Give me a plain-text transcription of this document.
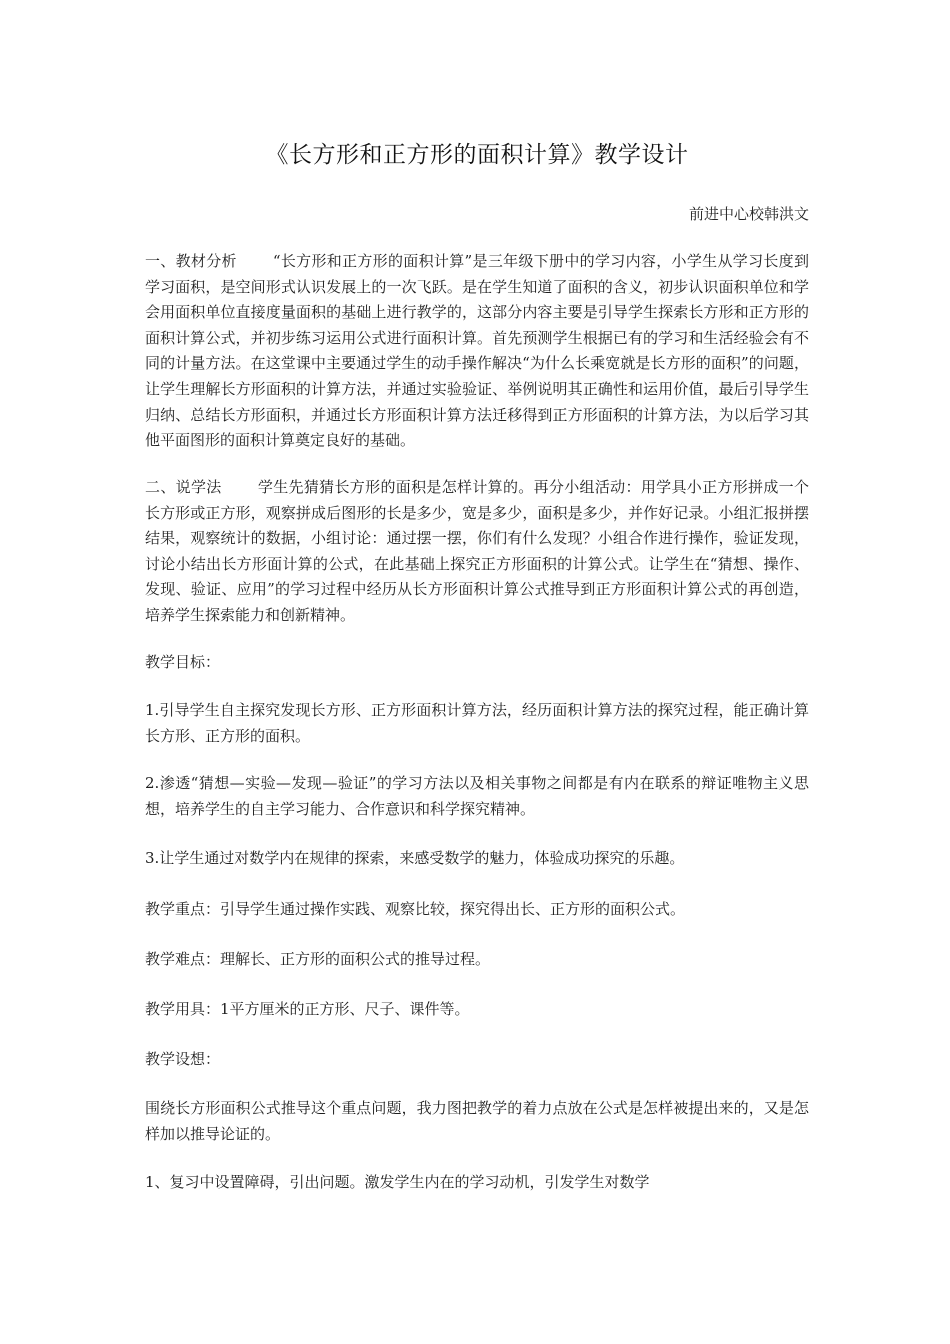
《长方形和正方形的面积计算》教学设计
前进中心校韩洪文
一、教材分析 “长方形和正方形的面积计算”是三年级下册中的学习内容，小学生从学习长度到学习面积，是空间形式认识发展上的一次飞跃。是在学生知道了面积的含义，初步认识面积单位和学会用面积单位直接度量面积的基础上进行教学的，这部分内容主要是引导学生探索长方形和正方形的面积计算公式，并初步练习运用公式进行面积计算。首先预测学生根据已有的学习和生活经验会有不同的计量方法。在这堂课中主要通过学生的动手操作解决“为什么长乘宽就是长方形的面积”的问题，让学生理解长方形面积的计算方法，并通过实验验证、举例说明其正确性和运用价值，最后引导学生归纳、总结长方形面积，并通过长方形面积计算方法迁移得到正方形面积的计算方法，为以后学习其他平面图形的面积计算奠定良好的基础。
二、说学法 学生先猜猜长方形的面积是怎样计算的。再分小组活动：用学具小正方形拼成一个长方形或正方形，观察拼成后图形的长是多少，宽是多少，面积是多少，并作好记录。小组汇报拼摆结果，观察统计的数据，小组讨论：通过摆一摆，你们有什么发现？小组合作进行操作，验证发现，讨论小结出长方形面计算的公式，在此基础上探究正方形面积的计算公式。让学生在“猜想、操作、发现、验证、应用”的学习过程中经历从长方形面积计算公式推导到正方形面积计算公式的再创造，培养学生探索能力和创新精神。
教学目标：
1.引导学生自主探究发现长方形、正方形面积计算方法，经历面积计算方法的探究过程，能正确计算长方形、正方形的面积。
2.渗透“猜想—实验—发现—验证”的学习方法以及相关事物之间都是有内在联系的辩证唯物主义思想，培养学生的自主学习能力、合作意识和科学探究精神。
3.让学生通过对数学内在规律的探索，来感受数学的魅力，体验成功探究的乐趣。
教学重点：引导学生通过操作实践、观察比较，探究得出长、正方形的面积公式。
教学难点：理解长、正方形的面积公式的推导过程。
教学用具：1平方厘米的正方形、尺子、课件等。
教学设想：
围绕长方形面积公式推导这个重点问题，我力图把教学的着力点放在公式是怎样被提出来的，又是怎样加以推导论证的。
1、复习中设置障碍，引出问题。激发学生内在的学习动机，引发学生对数学
